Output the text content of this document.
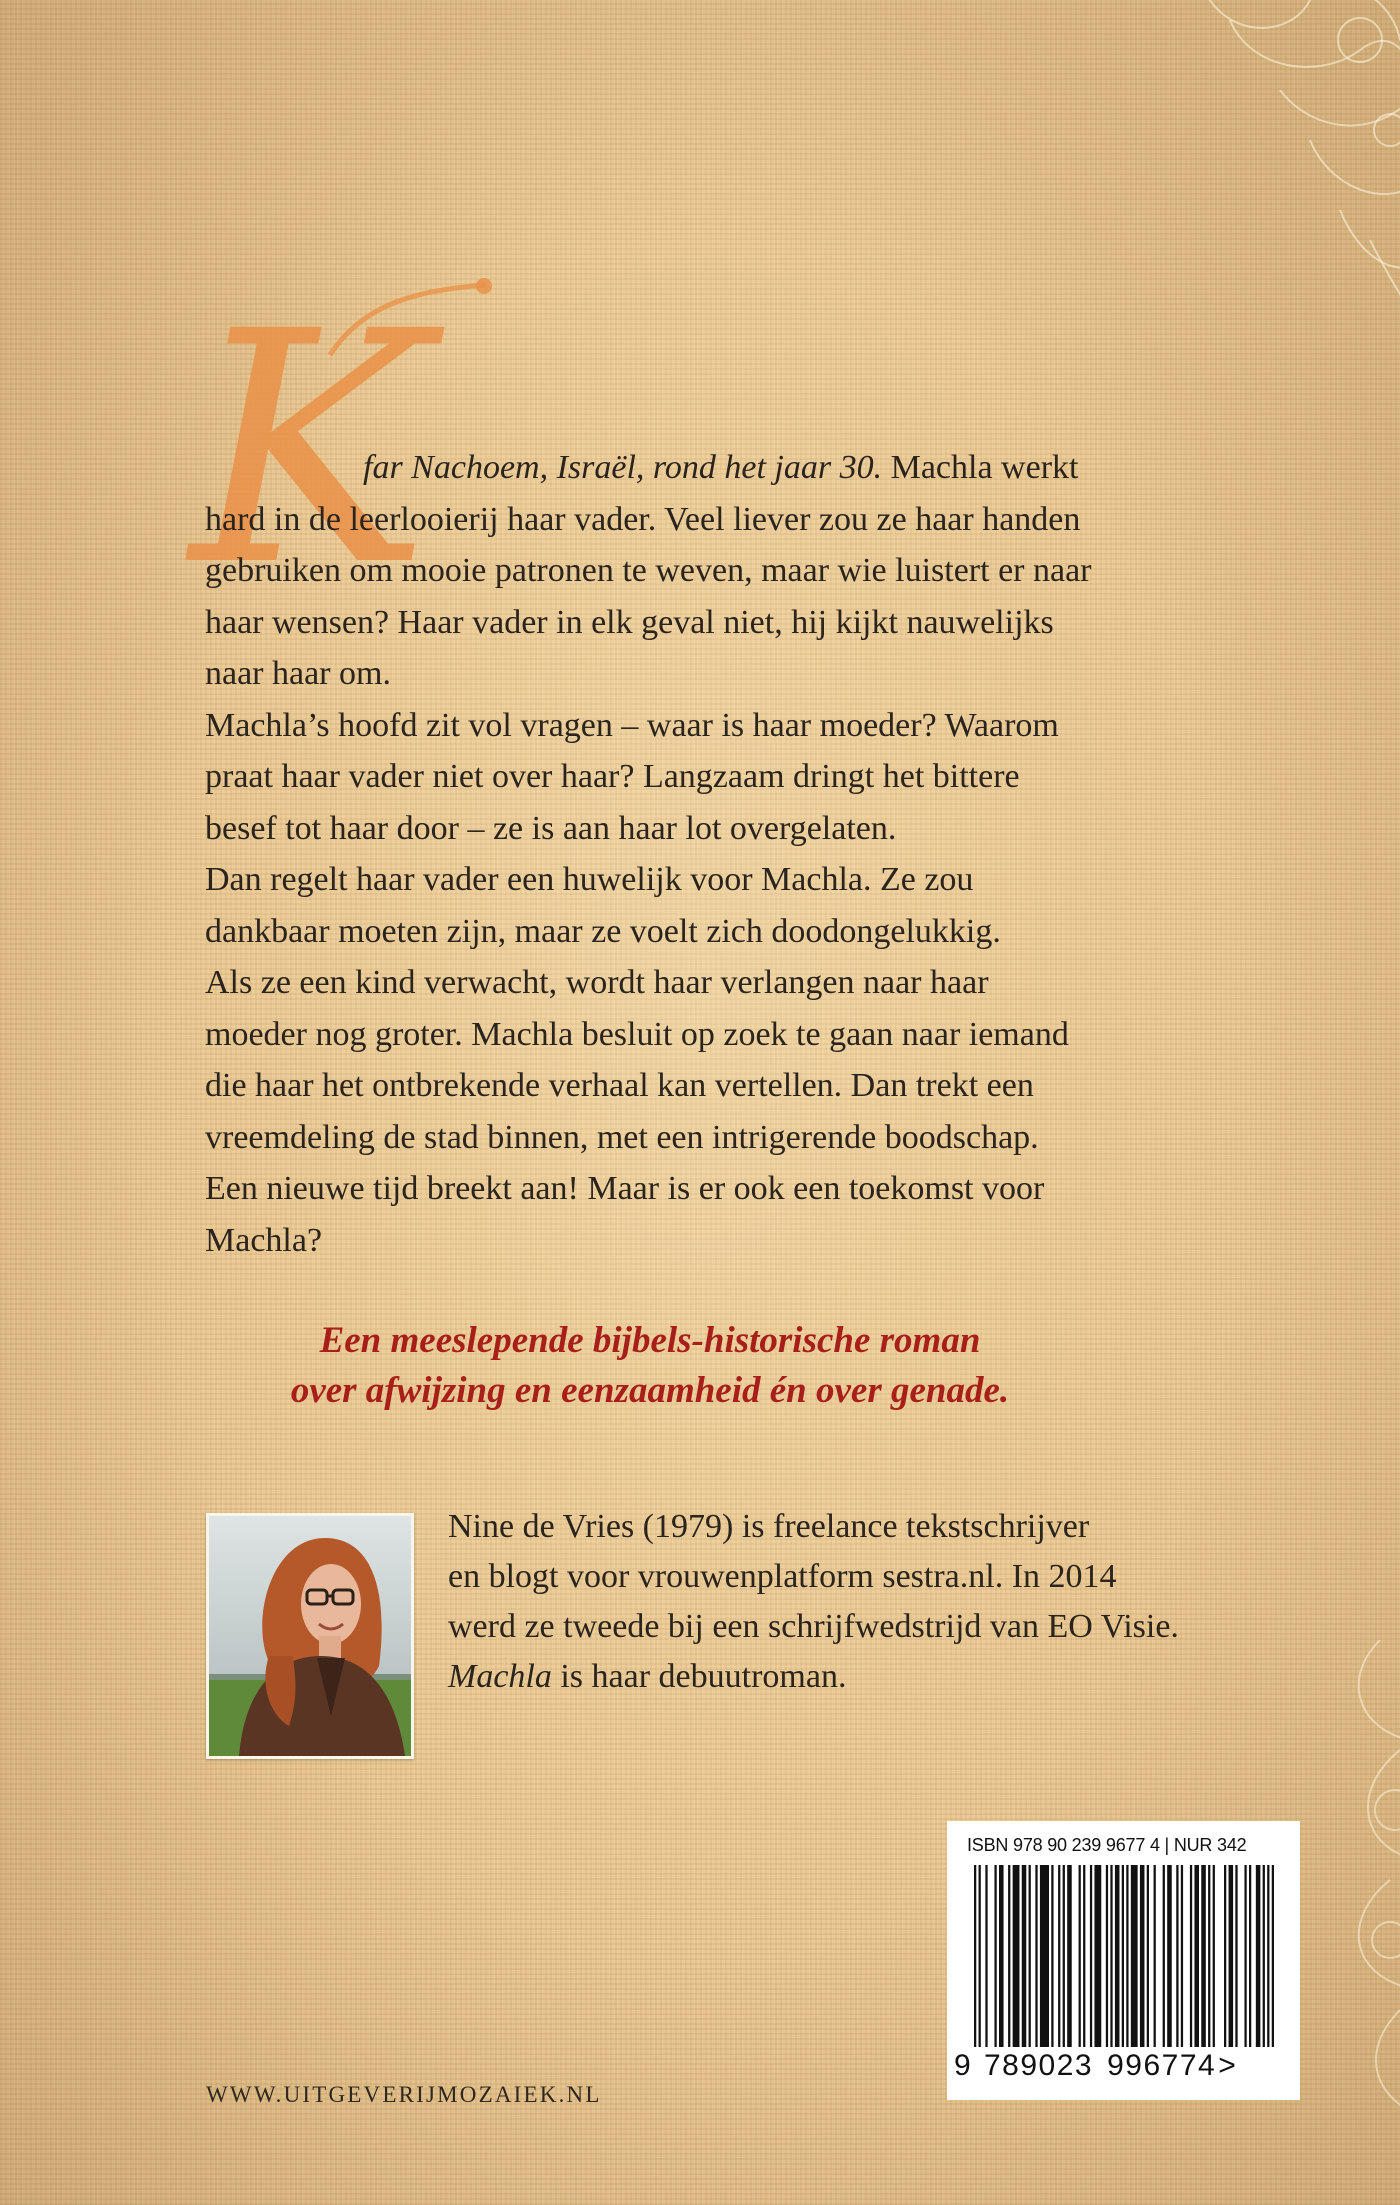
K

far Nachoem, Israël, rond het jaar 30. Machla werkt

hard in de leerlooierij haar vader. Veel liever zou ze haar handen

gebruiken om mooie patronen te weven, maar wie luistert er naar

haar wensen? Haar vader in elk geval niet, hij kijkt nauwelijks

naar haar om.

Machla’s hoofd zit vol vragen – waar is haar moeder? Waarom

praat haar vader niet over haar? Langzaam dringt het bittere

besef tot haar door – ze is aan haar lot overgelaten.

Dan regelt haar vader een huwelijk voor Machla. Ze zou

dankbaar moeten zijn, maar ze voelt zich doodongelukkig.

Als ze een kind verwacht, wordt haar verlangen naar haar

moeder nog groter. Machla besluit op zoek te gaan naar iemand

die haar het ontbrekende verhaal kan vertellen. Dan trekt een

vreemdeling de stad binnen, met een intrigerende boodschap.

Een nieuwe tijd breekt aan! Maar is er ook een toekomst voor

Machla?

Een meeslepende bijbels-historische roman

over afwijzing en eenzaamheid én over genade.

Nine de Vries (1979) is freelance tekstschrijver

en blogt voor vrouwenplatform sestra.nl. In 2014

werd ze tweede bij een schrijfwedstrijd van EO Visie.

Machla is haar debuutroman.

ISBN 978 90 239 9677 4 | NUR 342
9 789023 996774>
WWW.UITGEVERIJMOZAIEK.NL
